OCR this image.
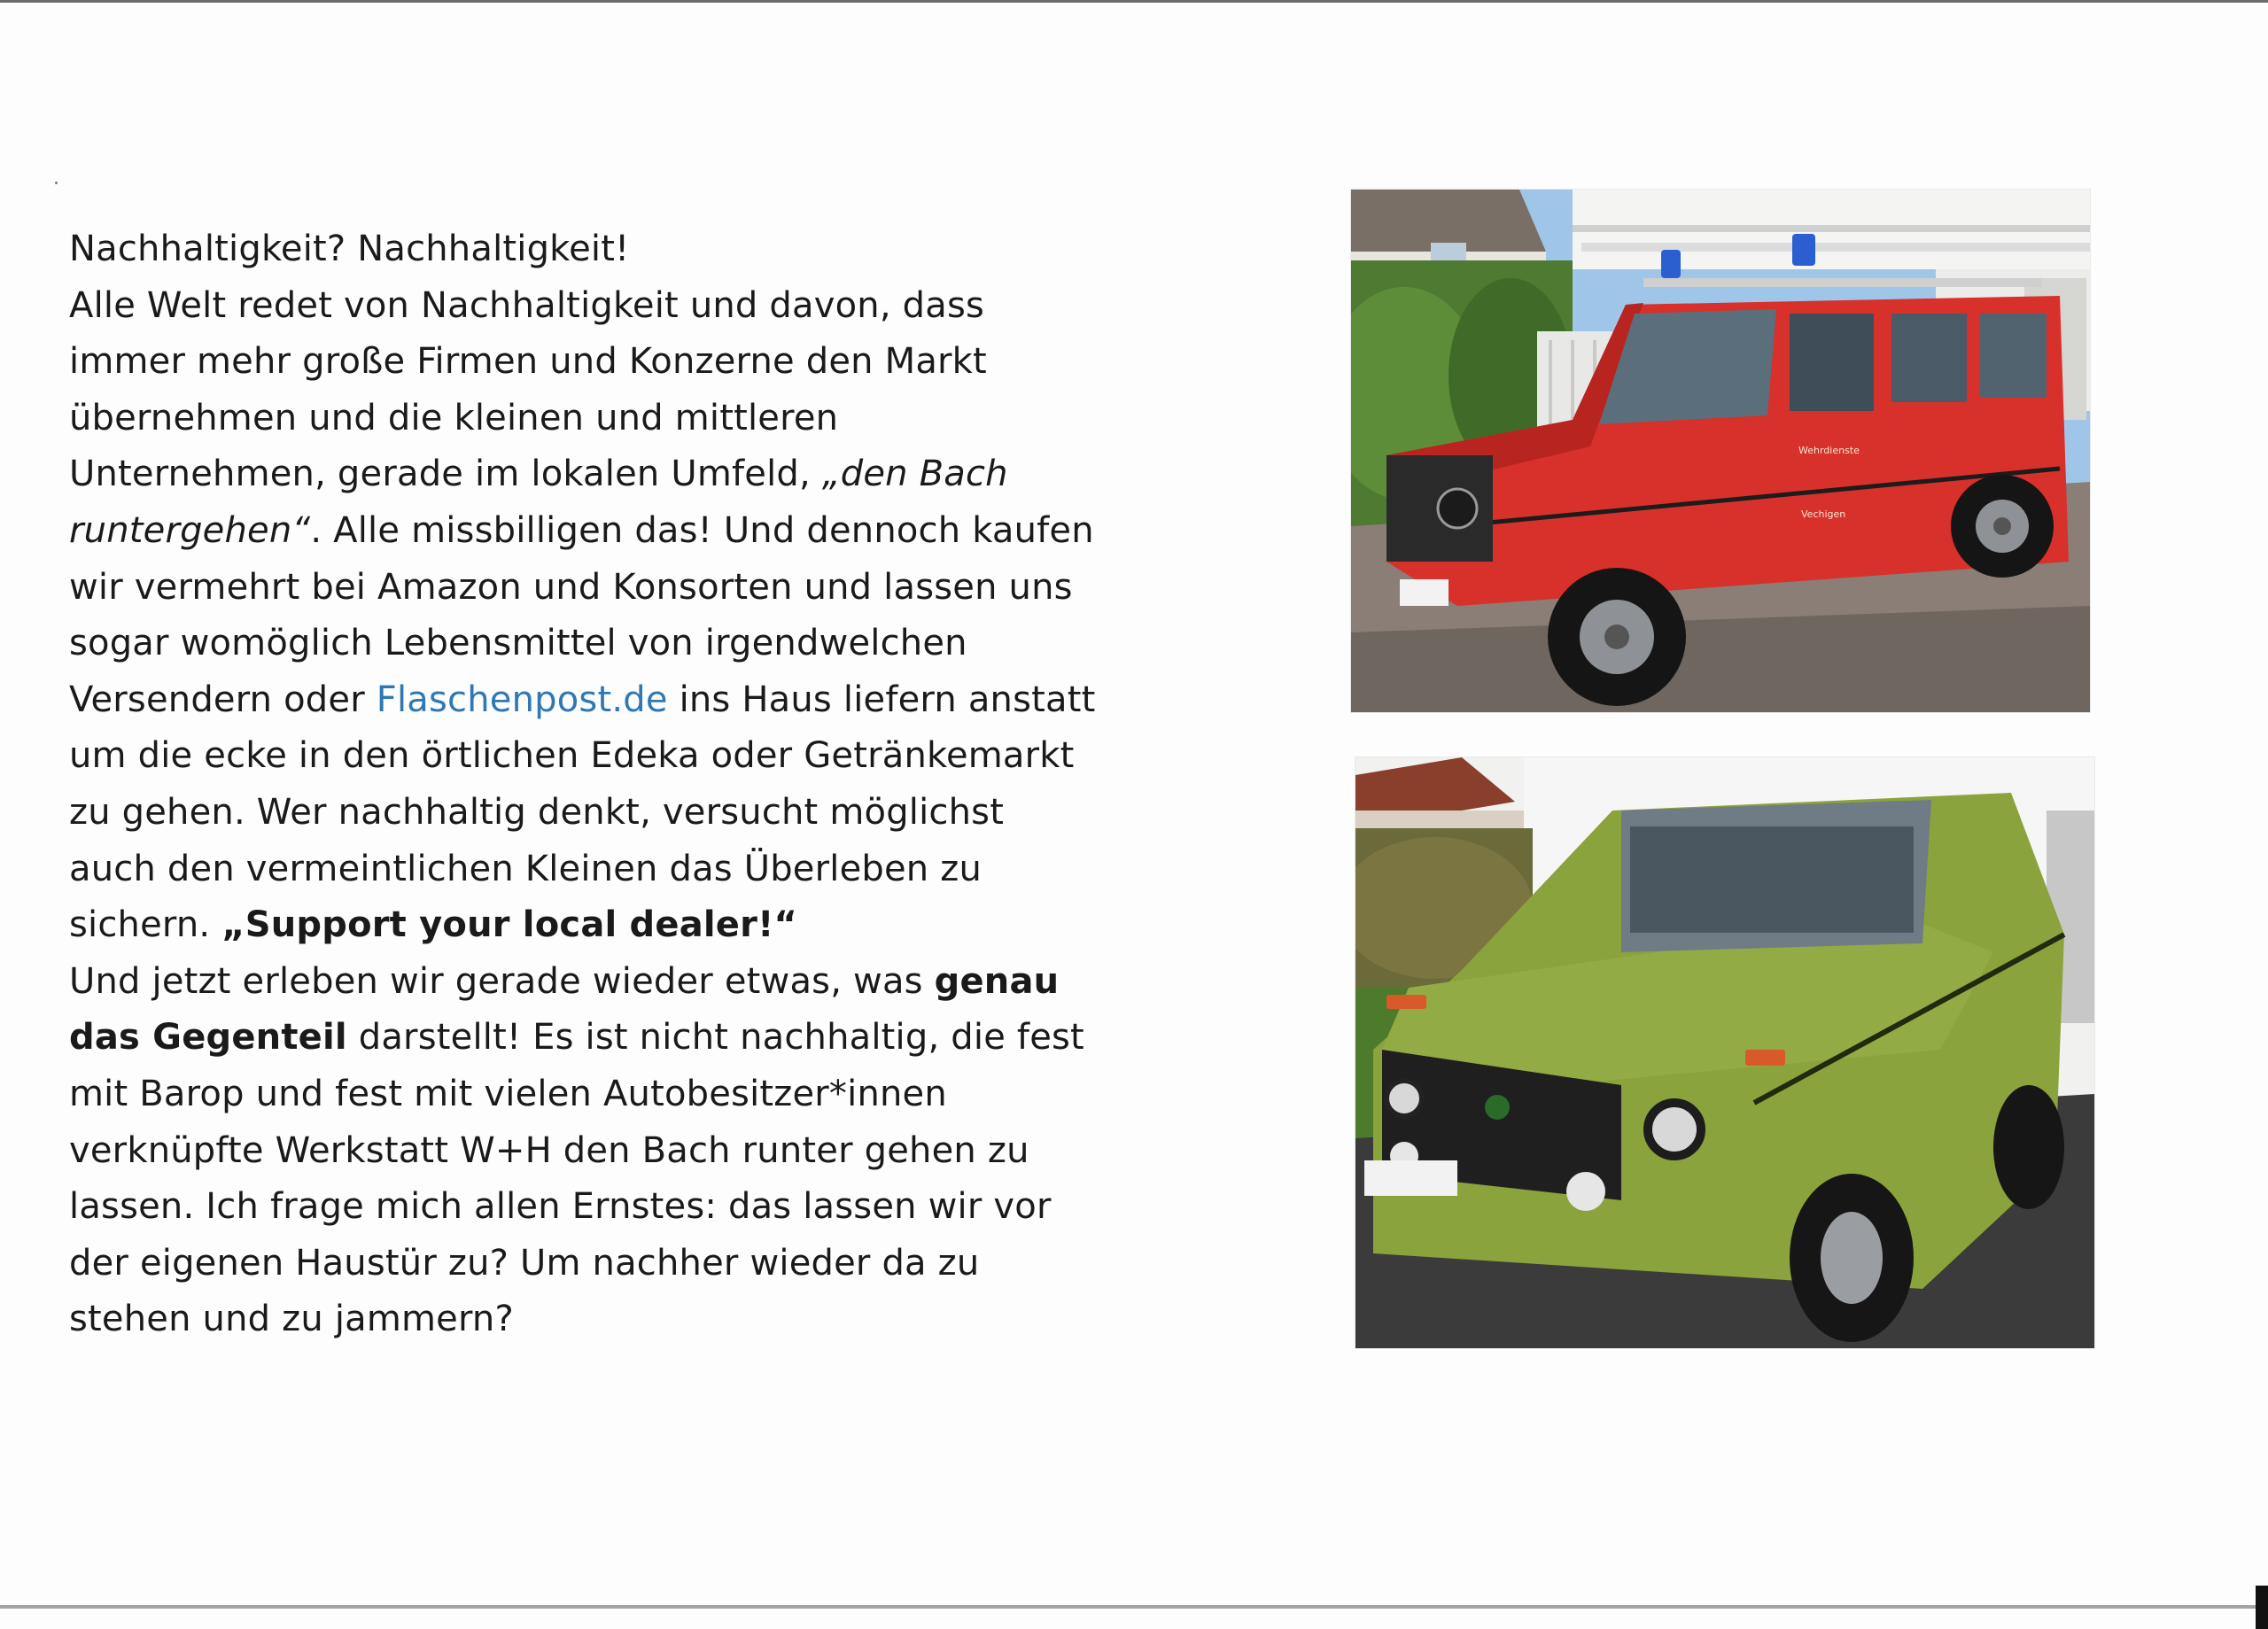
Nachhaltigkeit? Nachhaltigkeit!
Alle Welt redet von Nachhaltigkeit und davon, dass
immer mehr große Firmen und Konzerne den Markt
übernehmen und die kleinen und mittleren
Unternehmen, gerade im lokalen Umfeld, „den Bach
runtergehen“. Alle missbilligen das! Und dennoch kaufen
wir vermehrt bei Amazon und Konsorten und lassen uns
sogar womöglich Lebensmittel von irgendwelchen
Versendern oder Flaschenpost.de ins Haus liefern anstatt
um die ecke in den örtlichen Edeka oder Getränkemarkt
zu gehen. Wer nachhaltig denkt, versucht möglichst
auch den vermeintlichen Kleinen das Überleben zu
sichern. „Support your local dealer!“
Und jetzt erleben wir gerade wieder etwas, was genau
das Gegenteil darstellt! Es ist nicht nachhaltig, die fest
mit Barop und fest mit vielen Autobesitzer*innen
verknüpfte Werkstatt W+H den Bach runter gehen zu
lassen. Ich frage mich allen Ernstes: das lassen wir vor
der eigenen Haustür zu? Um nachher wieder da zu
stehen und zu jammern?
Wehrdienste
Vechigen
